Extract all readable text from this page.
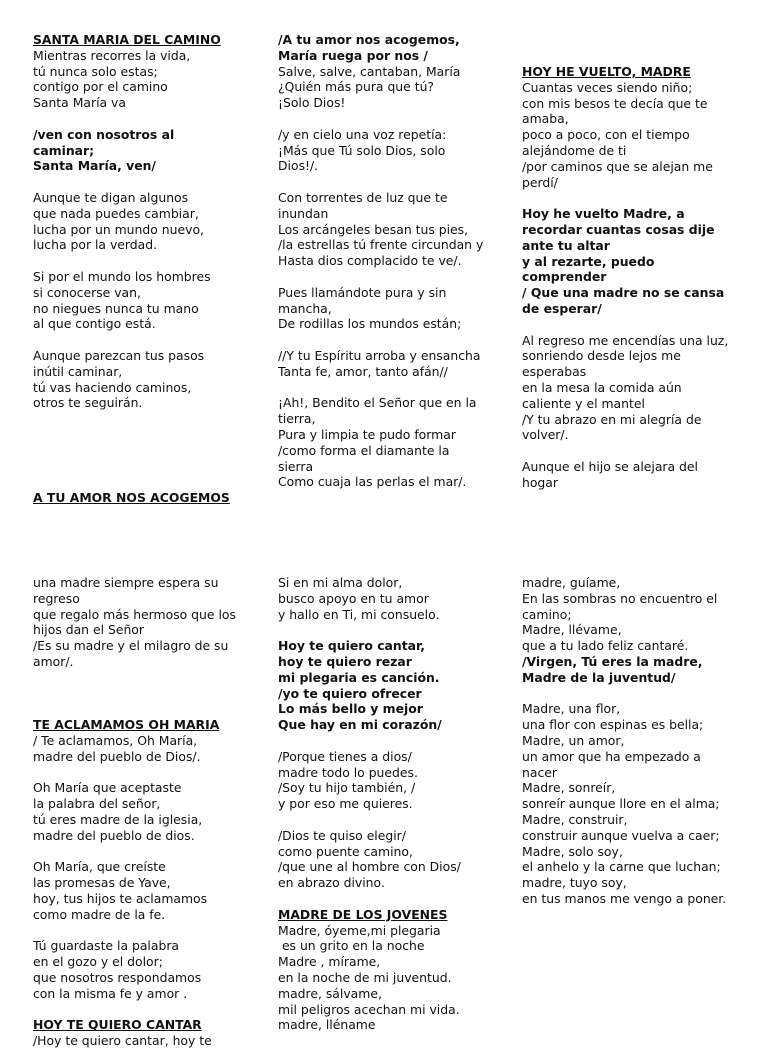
SANTA MARIA DEL CAMINO
Mientras recorres la vida,
tú nunca solo estas;
contigo por el camino
Santa María va
/ven con nosotros al
caminar;
Santa María, ven/
Aunque te digan algunos
que nada puedes cambiar,
lucha por un mundo nuevo,
lucha por la verdad.
Si por el mundo los hombres
si conocerse van,
no niegues nunca tu mano
al que contigo está.
Aunque parezcan tus pasos
inútil caminar,
tú vas haciendo caminos,
otros te seguirán.
A TU AMOR NOS ACOGEMOS
/A tu amor nos acogemos,
María ruega por nos /
Salve, salve, cantaban, María
¿Quién más pura que tú?
¡Solo Dios!
/y en cielo una voz repetía:
¡Más que Tú solo Dios, solo
Dios!/.
Con torrentes de luz que te
inundan
Los arcángeles besan tus pies,
/la estrellas tú frente circundan y
Hasta dios complacido te ve/.
Pues llamándote pura y sin
mancha,
De rodillas los mundos están;
//Y tu Espíritu arroba y ensancha
Tanta fe, amor, tanto afán//
¡Ah!, Bendito el Señor que en la
tierra,
Pura y limpia te pudo formar
/como forma el diamante la
sierra
Como cuaja las perlas el mar/.
HOY HE VUELTO, MADRE
Cuantas veces siendo niño;
con mis besos te decía que te
amaba,
poco a poco, con el tiempo
alejándome de ti
/por caminos que se alejan me
perdí/
Hoy he vuelto Madre, a
recordar cuantas cosas dije
ante tu altar
y al rezarte, puedo
comprender
/ Que una madre no se cansa
de esperar/
Al regreso me encendías una luz,
sonriendo desde lejos me
esperabas
en la mesa la comida aún
caliente y el mantel
/Y tu abrazo en mi alegría de
volver/.
Aunque el hijo se alejara del
hogar
una madre siempre espera su
regreso
que regalo más hermoso que los
hijos dan el Señor
/Es su madre y el milagro de su
amor/.
TE ACLAMAMOS OH MARIA
/ Te aclamamos, Oh María,
madre del pueblo de Dios/.
Oh María que aceptaste
la palabra del señor,
tú eres madre de la iglesia,
madre del pueblo de dios.
Oh María, que creíste
las promesas de Yave,
hoy, tus hijos te aclamamos
como madre de la fe.
Tú guardaste la palabra
en el gozo y el dolor;
que nosotros respondamos
con la misma fe y amor .
HOY TE QUIERO CANTAR
/Hoy te quiero cantar, hoy te
Si en mi alma dolor,
busco apoyo en tu amor
y hallo en Ti, mi consuelo.
Hoy te quiero cantar,
hoy te quiero rezar
mi plegaria es canción.
/yo te quiero ofrecer
Lo más bello y mejor
Que hay en mi corazón/
/Porque tienes a dios/
madre todo lo puedes.
/Soy tu hijo también, /
y por eso me quieres.
/Dios te quiso elegir/
como puente camino,
/que une al hombre con Dios/
en abrazo divino.
MADRE DE LOS JOVENES
Madre, óyeme,mi plegaria
es un grito en la noche
Madre , mírame,
en la noche de mi juventud.
madre, sálvame,
mil peligros acechan mi vida.
madre, lléname
madre, guíame,
En las sombras no encuentro el
camino;
Madre, llévame,
que a tu lado feliz cantaré.
/Virgen, Tú eres la madre,
Madre de la juventud/
Madre, una flor,
una flor con espinas es bella;
Madre, un amor,
un amor que ha empezado a
nacer
Madre, sonreír,
sonreír aunque llore en el alma;
Madre, construir,
construir aunque vuelva a caer;
Madre, solo soy,
el anhelo y la carne que luchan;
madre, tuyo soy,
en tus manos me vengo a poner.
